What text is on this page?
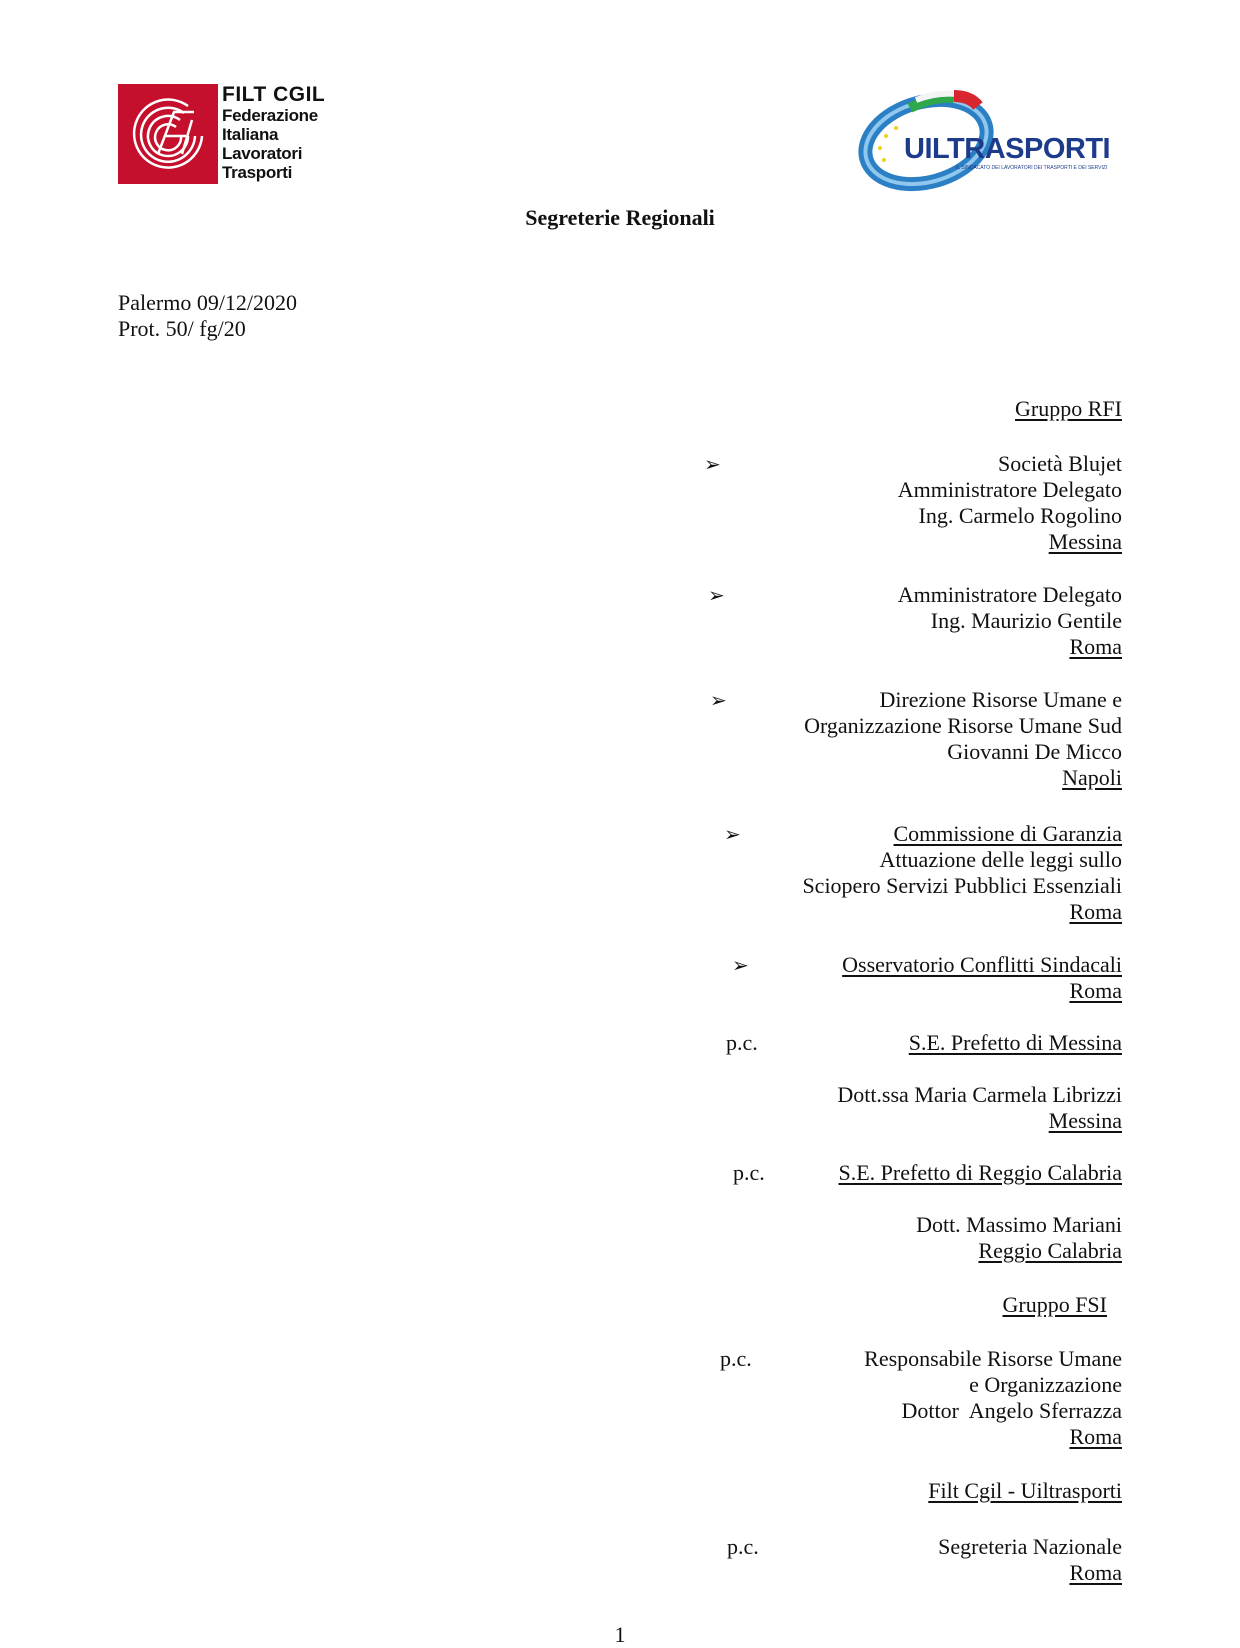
FILT CGIL
Federazione
Italiana
Lavoratori
Trasporti
UILTRASPORTI
IL SINDACATO DEI LAVORATORI DEI TRASPORTI E DEI SERVIZI
Segreterie Regionali
Palermo 09/12/2020
Prot. 50/ fg/20
Gruppo RFI
➢	Società Blujet
Amministratore Delegato
Ing. Carmelo Rogolino
Messina
➢	Amministratore Delegato
Ing. Maurizio Gentile
Roma
➢	Direzione Risorse Umane e
Organizzazione Risorse Umane Sud
Giovanni De Micco
Napoli
➢	Commissione di Garanzia
Attuazione delle leggi sullo
Sciopero Servizi Pubblici Essenziali
Roma
➢	Osservatorio Conflitti Sindacali
Roma
p.c.	S.E. Prefetto di Messina
Dott.ssa Maria Carmela Librizzi
Messina
p.c.	S.E. Prefetto di Reggio Calabria
Dott. Massimo Mariani
Reggio Calabria
Gruppo FSI
p.c.	Responsabile Risorse Umane
e Organizzazione
Dottor  Angelo Sferrazza
Roma
Filt Cgil - Uiltrasporti
p.c.	Segreteria Nazionale
Roma
1
